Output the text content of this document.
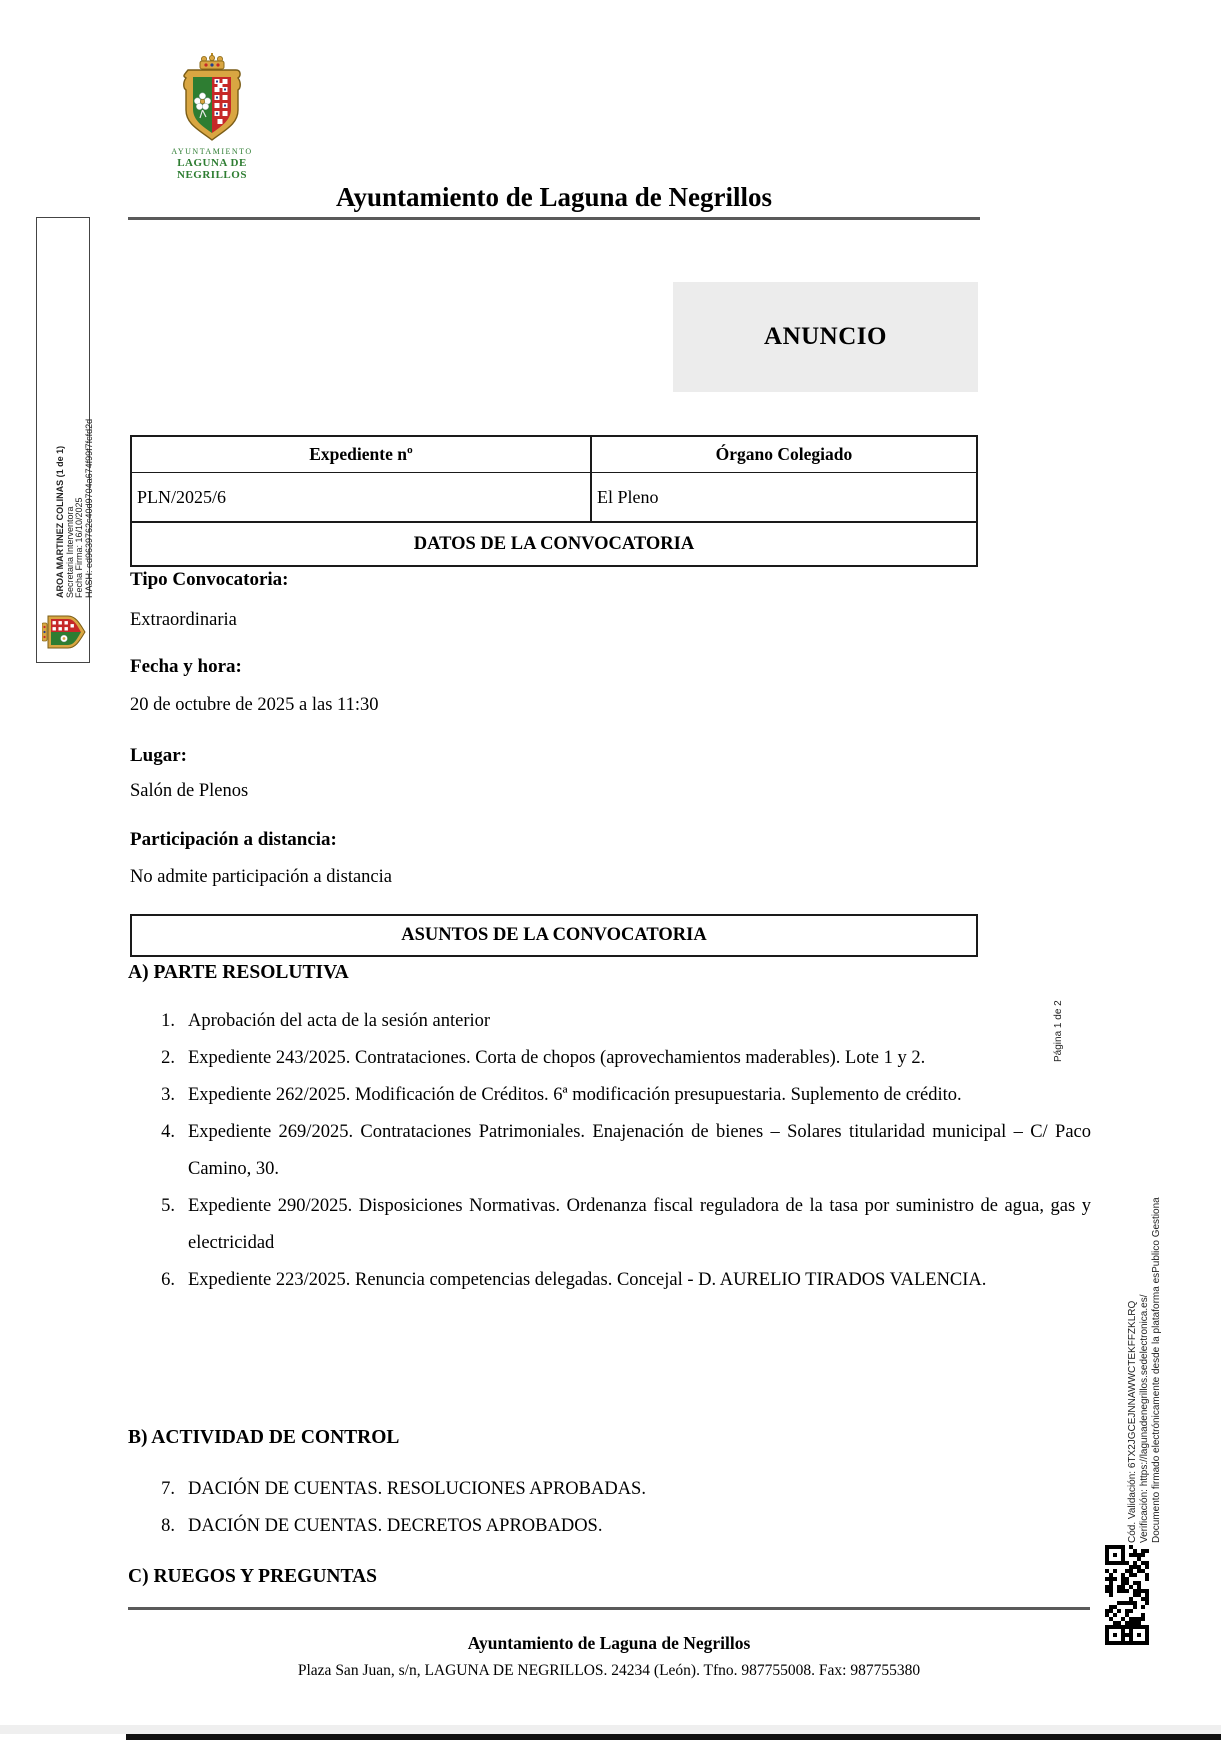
AYUNTAMIENTO
LAGUNA DE NEGRILLOS
Ayuntamiento de Laguna de Negrillos
ANUNCIO
Expediente nº	Órgano Colegiado
PLN/2025/6	El Pleno
DATOS DE LA CONVOCATORIA
Tipo Convocatoria:
Extraordinaria
Fecha y hora:
20 de octubre de 2025 a las 11:30
Lugar:
Salón de Plenos
Participación a distancia:
No admite participación a distancia
ASUNTOS DE LA CONVOCATORIA
A) PARTE RESOLUTIVA
1. Aprobación del acta de la sesión anterior
2. Expediente 243/2025. Contrataciones. Corta de chopos (aprovechamientos maderables). Lote 1 y 2.
3. Expediente 262/2025. Modificación de Créditos. 6ª modificación presupuestaria. Suplemento de crédito.
4. Expediente 269/2025. Contrataciones Patrimoniales. Enajenación de bienes – Solares titularidad municipal – C/ Paco Camino, 30.
5. Expediente 290/2025. Disposiciones Normativas. Ordenanza fiscal reguladora de la tasa por suministro de agua, gas y electricidad
6. Expediente 223/2025. Renuncia competencias delegadas. Concejal - D. AURELIO TIRADOS VALENCIA.
B) ACTIVIDAD DE CONTROL
7. DACIÓN DE CUENTAS. RESOLUCIONES APROBADAS.
8. DACIÓN DE CUENTAS. DECRETOS APROBADOS.
C) RUEGOS Y PREGUNTAS
Ayuntamiento de Laguna de Negrillos
Plaza San Juan, s/n, LAGUNA DE NEGRILLOS. 24234 (León). Tfno. 987755008. Fax: 987755380
AROA MARTINEZ COLINAS (1 de 1) Secretaria Interventora Fecha Firma: 16/10/2025 HASH: ed9639762c40d9704a674f99f7fcfd2d
Cód. Validación: 6TX2JGCEJNNAWWCTEKFFZKLRQ Verificación: https://lagunadenegrillos.sedelectronica.es/ Documento firmado electrónicamente desde la plataforma esPublico Gestiona
Página 1 de 2
